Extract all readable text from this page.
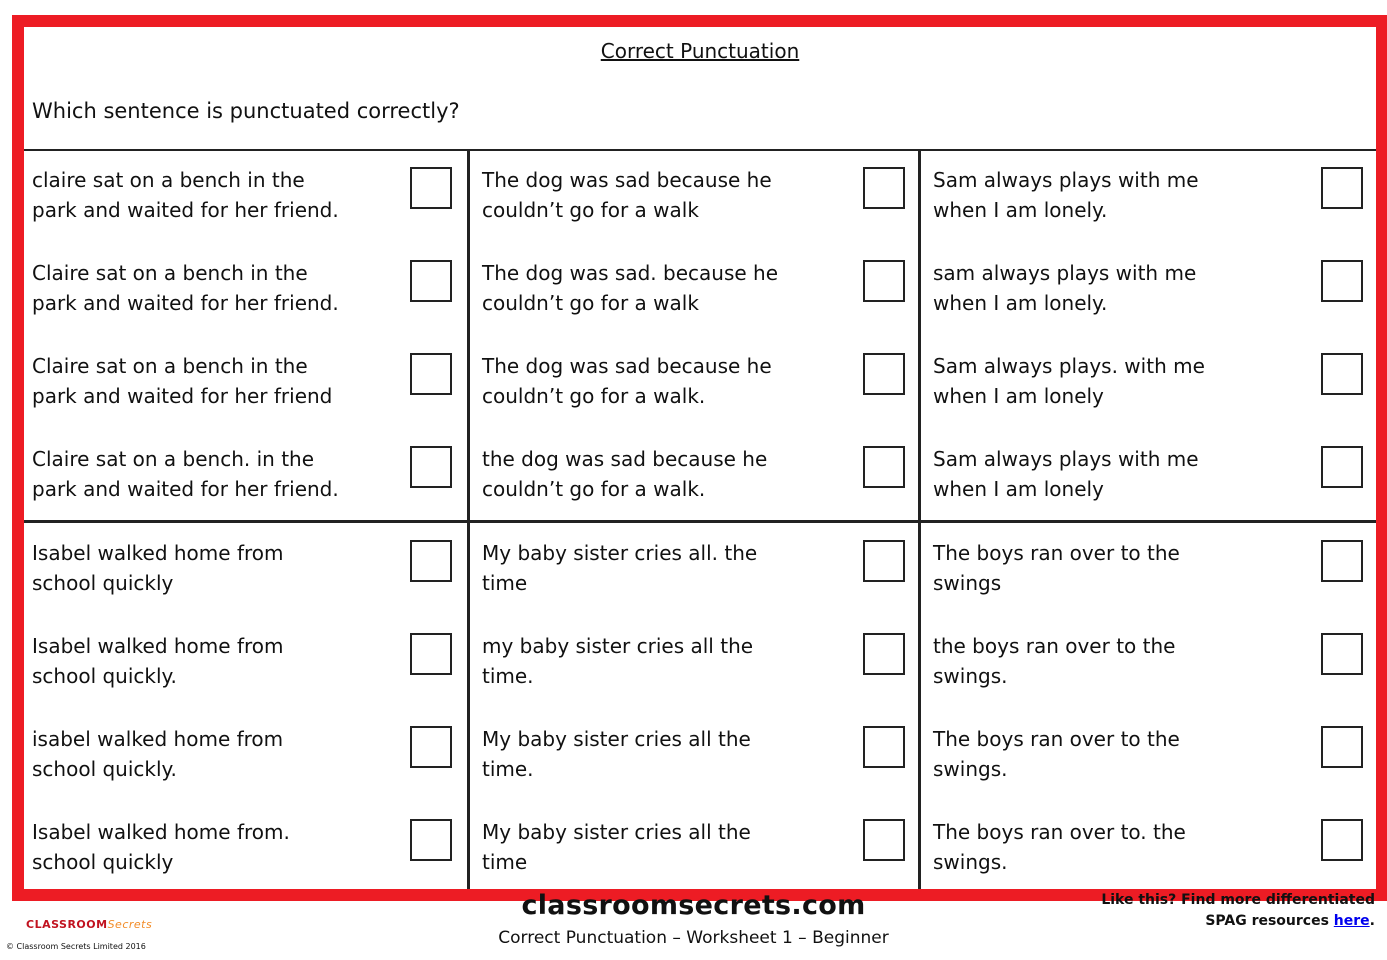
Correct Punctuation
Which sentence is punctuated correctly?
claire sat on a bench in the
park and waited for her friend.
Claire sat on a bench in the
park and waited for her friend.
Claire sat on a bench in the
park and waited for her friend
Claire sat on a bench. in the
park and waited for her friend.
The dog was sad because he
couldn’t go for a walk
The dog was sad. because he
couldn’t go for a walk
The dog was sad because he
couldn’t go for a walk.
the dog was sad because he
couldn’t go for a walk.
Sam always plays with me
when I am lonely.
sam always plays with me
when I am lonely.
Sam always plays. with me
when I am lonely
Sam always plays with me
when I am lonely
Isabel walked home from
school quickly
Isabel walked home from
school quickly.
isabel walked home from
school quickly.
Isabel walked home from.
school quickly
My baby sister cries all. the
time
my baby sister cries all the
time.
My baby sister cries all the
time.
My baby sister cries all the
time
The boys ran over to the
swings
the boys ran over to the
swings.
The boys ran over to the
swings.
The boys ran over to. the
swings.
CLASSROOMSecrets
© Classroom Secrets Limited 2016
classroomsecrets.com
Correct Punctuation – Worksheet 1 – Beginner
Like this? Find more differentiated
SPAG resources here.
